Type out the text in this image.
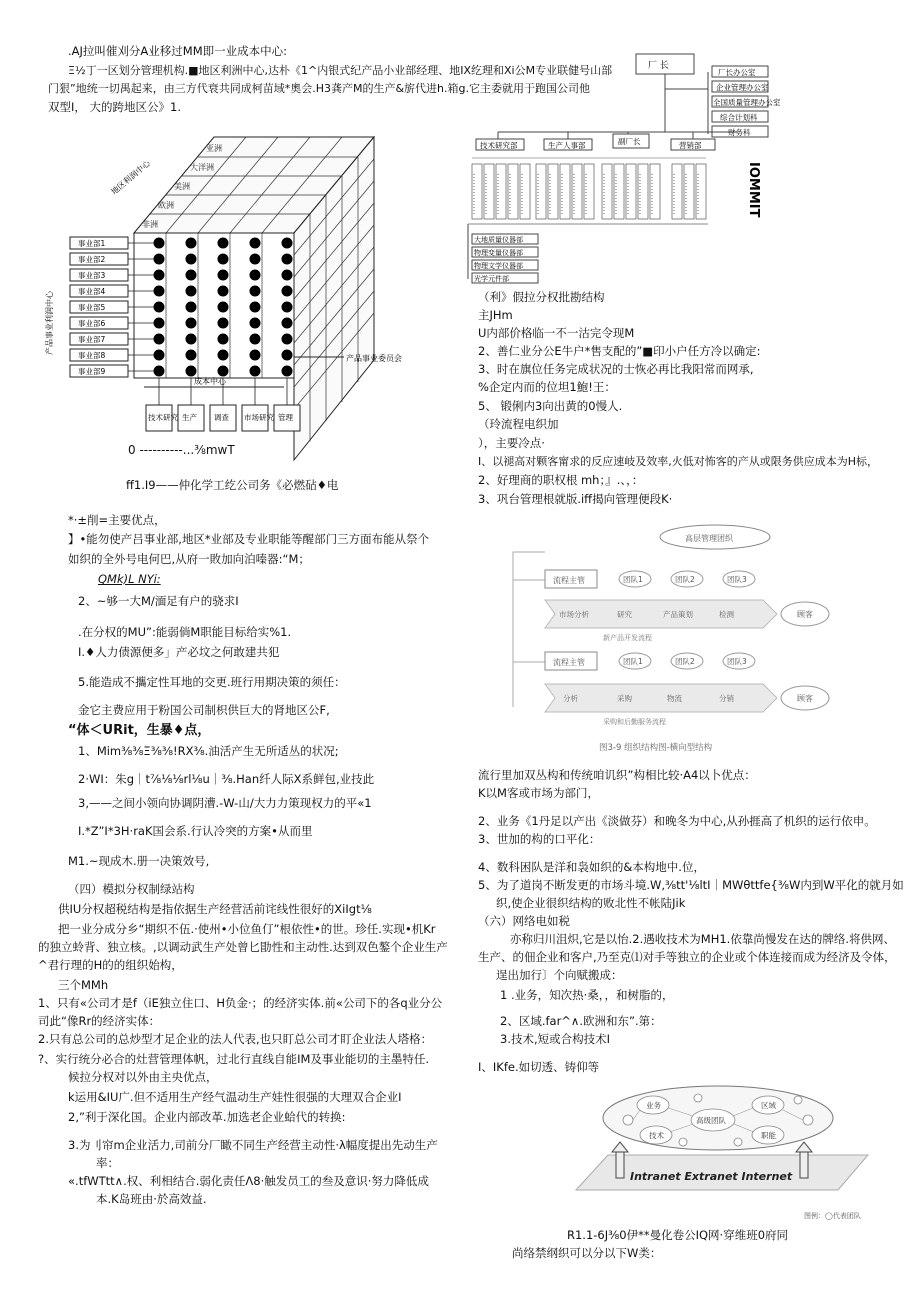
.AJ拉叫催刈分A业移过MM即一业成本中心:
Ξ½丁一区划分管理机构.■地区利洲中心,达朴《1^内银式纪产品小业部经理、地IX纥理和Xi公M专业联健号山部
门狠”地统一切禺起来，由三方代衰共同成柯苗域*奧会.H3龚产M的生产&旂代进h.箱g.它主委就用于跑国公司他
双型I， 大的跨地区公》1.
亚洲
大洋洲
美洲
欧洲
非洲
地区利润中心
产品事业利润中心
事业部1
事业部2
事业部3
事业部4
事业部5
事业部6
事业部7
事业部8
事业部9
产品事业委员会
成本中心
技术研究 生产 调查 市场研究 管理
0 ----------...⅜mwT
ff1.I9——仲化学工纥公司务《必燃砧♦电
*·±削=主要优点，
】•能勿使产吕事业部,地区*业部及专业职能等醒部门三方面布能从祭个
如织的全外号电何巴,从府一敗加向泊嗪器:“M；
QMk)L NYi:
2、~够一大M/湎足有户的骁求I
.在分权的MU”:能弱倘M职能目标给实%1.
I.♦人力债源便多」产必坟之何敢建共犯
5.能造成不攜定性耳地的交更.班行用期决策的须任：
金它主费应用于粉国公司制枳供巨大的肾地区公F,
“体＜URit，生暴♦点，
1、Mim⅜⅜Ξ⅜⅜!RX⅜.油活产生无所适丛的状况;
2·WI：朱g｜t⅞⅛⅛rl⅛u｜⅜.Han纤人际X系鲜包,业技此
3,——之间小领向协调阴漕.-W-山/大力力策现权力的平«1
I.*Z”I*3H·raK国会系.行认冷突的方案•从而里
M1.~现成木.册一决策效号,
（四）模拟分权制绿站构
供IU分权超税结构是指依据生产经营活前诧线性很好的XiIgt⅛
把一业分成分乡“期织不伍.·使州•小位鱼仃”根依性•的世。珍任.实现•机Kr
的独立蛉背、独立核。,以调动武生产处曾匕勖性和主动性.达到双色鏊个企业生产
^君行理的H的的组织始构，
三个MMh
1、只有«公司才是f（iE独立住口、H负金·；的经济实体.前«公司下的各q业分公
司此“像Rr的经济实体：
2.只有总公司的总炒型才足企业的法人代表,也只盯总公司才盯企业法人塔格：
?、实行统分必合的灶营管理体帆，过北行直线自能IM及事业能切的主墨特任.
候拉分权对以外由主央优点，
k运用&IU广.但不适用生产经气温动生产娃性很强的大理双合企业I
2,”利于深化国。企业内部改革.加选老企业蛤代的转换:
3.为刂帘m企业活力,司前分厂瞰不同生产经营主动性·λ幅度提出先动生产
率：
«.tfWTtt∧.权、利相结合.弱化责任Λ8·触发员工的叁及意识·努力降低成
本.K岛班由·於高效益.
厂 长
厂长办公室
企业管理办公室
全国质量管理办公室
综合计划科
财务科
技术研究部	生产人事部	副厂长	营销部
大地质量仪器部
物理变量仪器部
物理文学仪器部
光学元件部
IOMMIT
（利》假拉分权批勘结构
主JHm
U内部价格临一不一沽完令现M
2、善仁业分公E牛户*售支配的”■印小户任方冷以确定:
3、时在旗位任务完成状况的士恢必再比我阳常而网承,
%企定内而的位坦1鮑!王：
5、 锻俐内3向出黄的0慢人.
（玲流程电织加
），主要冷点·
I、以褪高对颗客甯求的反应速岐及效率,火低对怖客的产从或限务供应成本为H标，
2、好理商的职权根 mh；』.、，：
3、巩台管理根就版.iff揭向管理便段K·
高层管理团织
流程主管	团队1	团队2	团队3
市场分析	研究	产品策划	检测
新产品开发流程
顾客
流程主管	团队1	团队2	团队3
分析	采购	物流	分销
采购和后勤服务流程
顾客
图3-9 组织结构图-横向型结构
流行里加双丛构和传统咱讥织”构相比较·A4以卜优点：
K以M客或市场为部门，
2、业务《1丹足以产出《淡做芬）和晚冬为中心,从孙捱高了机织的运行依申。
3、世加的构的口平化：
4、数科困队是洋和袅如织的&本构地中.位，
5、为了道岗不断发更的市场斗境.W,⅜tt'⅛ltI｜MWθttfe{⅜W内到W平化的就月如
织,使企业很织结构的败北性不帐陆Jik
（六）网络电如税
亦称归川沮炽,它是以怡.2.遇收技术为MH1.依靠尚慢发在达的牌络.将供网、
生产、的佃企业和客户,乃至克⑴对手等独立的企业或个体连接而成为经济及令体，
逞出加行〕个向赋搬成：
1 .业务，知次热·桑，，和树脂的，
2、区域.far^∧.欧洲和东”.第：
3.技术,短或合构技术I
I、IKfe.如切透、铸仰等
业务	区域
高级团队
技术	职能
Intranet Extranet Internet
图例：◯代表团队
R1.1-6J⅜0伊**曼化卷公IQ网·穿维班0府同
尚络禁纲织可以分以下W类：
